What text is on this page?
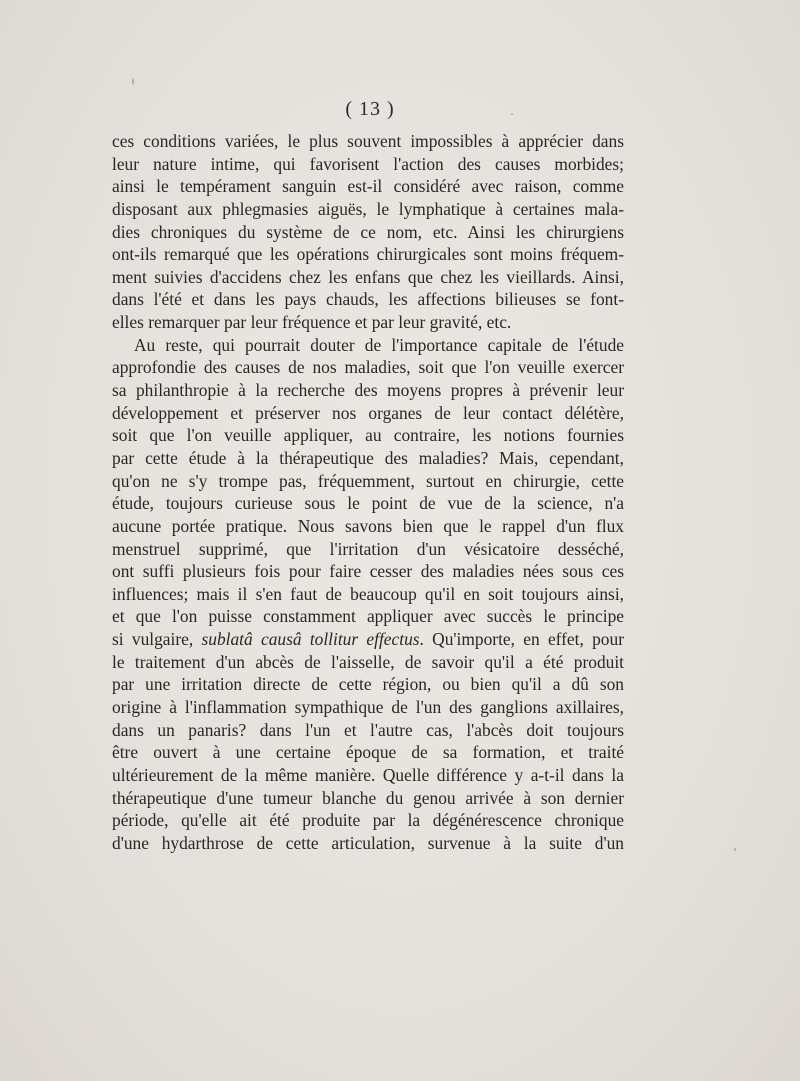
( 13 )
ces conditions variées, le plus souvent impossibles à apprécier dans
leur nature intime, qui favorisent l'action des causes morbides;
ainsi le tempérament sanguin est-il considéré avec raison, comme
disposant aux phlegmasies aiguës, le lymphatique à certaines mala-
dies chroniques du système de ce nom, etc. Ainsi les chirurgiens
ont-ils remarqué que les opérations chirurgicales sont moins fréquem-
ment suivies d'accidens chez les enfans que chez les vieillards. Ainsi,
dans l'été et dans les pays chauds, les affections bilieuses se font-
elles remarquer par leur fréquence et par leur gravité, etc.
Au reste, qui pourrait douter de l'importance capitale de l'étude
approfondie des causes de nos maladies, soit que l'on veuille exercer
sa philanthropie à la recherche des moyens propres à prévenir leur
développement et préserver nos organes de leur contact délétère,
soit que l'on veuille appliquer, au contraire, les notions fournies
par cette étude à la thérapeutique des maladies? Mais, cependant,
qu'on ne s'y trompe pas, fréquemment, surtout en chirurgie, cette
étude, toujours curieuse sous le point de vue de la science, n'a
aucune portée pratique. Nous savons bien que le rappel d'un flux
menstruel supprimé, que l'irritation d'un vésicatoire desséché,
ont suffi plusieurs fois pour faire cesser des maladies nées sous ces
influences; mais il s'en faut de beaucoup qu'il en soit toujours ainsi,
et que l'on puisse constamment appliquer avec succès le principe
si vulgaire, sublatâ causâ tollitur effectus. Qu'importe, en effet, pour
le traitement d'un abcès de l'aisselle, de savoir qu'il a été produit
par une irritation directe de cette région, ou bien qu'il a dû son
origine à l'inflammation sympathique de l'un des ganglions axillaires,
dans un panaris? dans l'un et l'autre cas, l'abcès doit toujours
être ouvert à une certaine époque de sa formation, et traité
ultérieurement de la même manière. Quelle différence y a-t-il dans la
thérapeutique d'une tumeur blanche du genou arrivée à son dernier
période, qu'elle ait été produite par la dégénérescence chronique
d'une hydarthrose de cette articulation, survenue à la suite d'un
